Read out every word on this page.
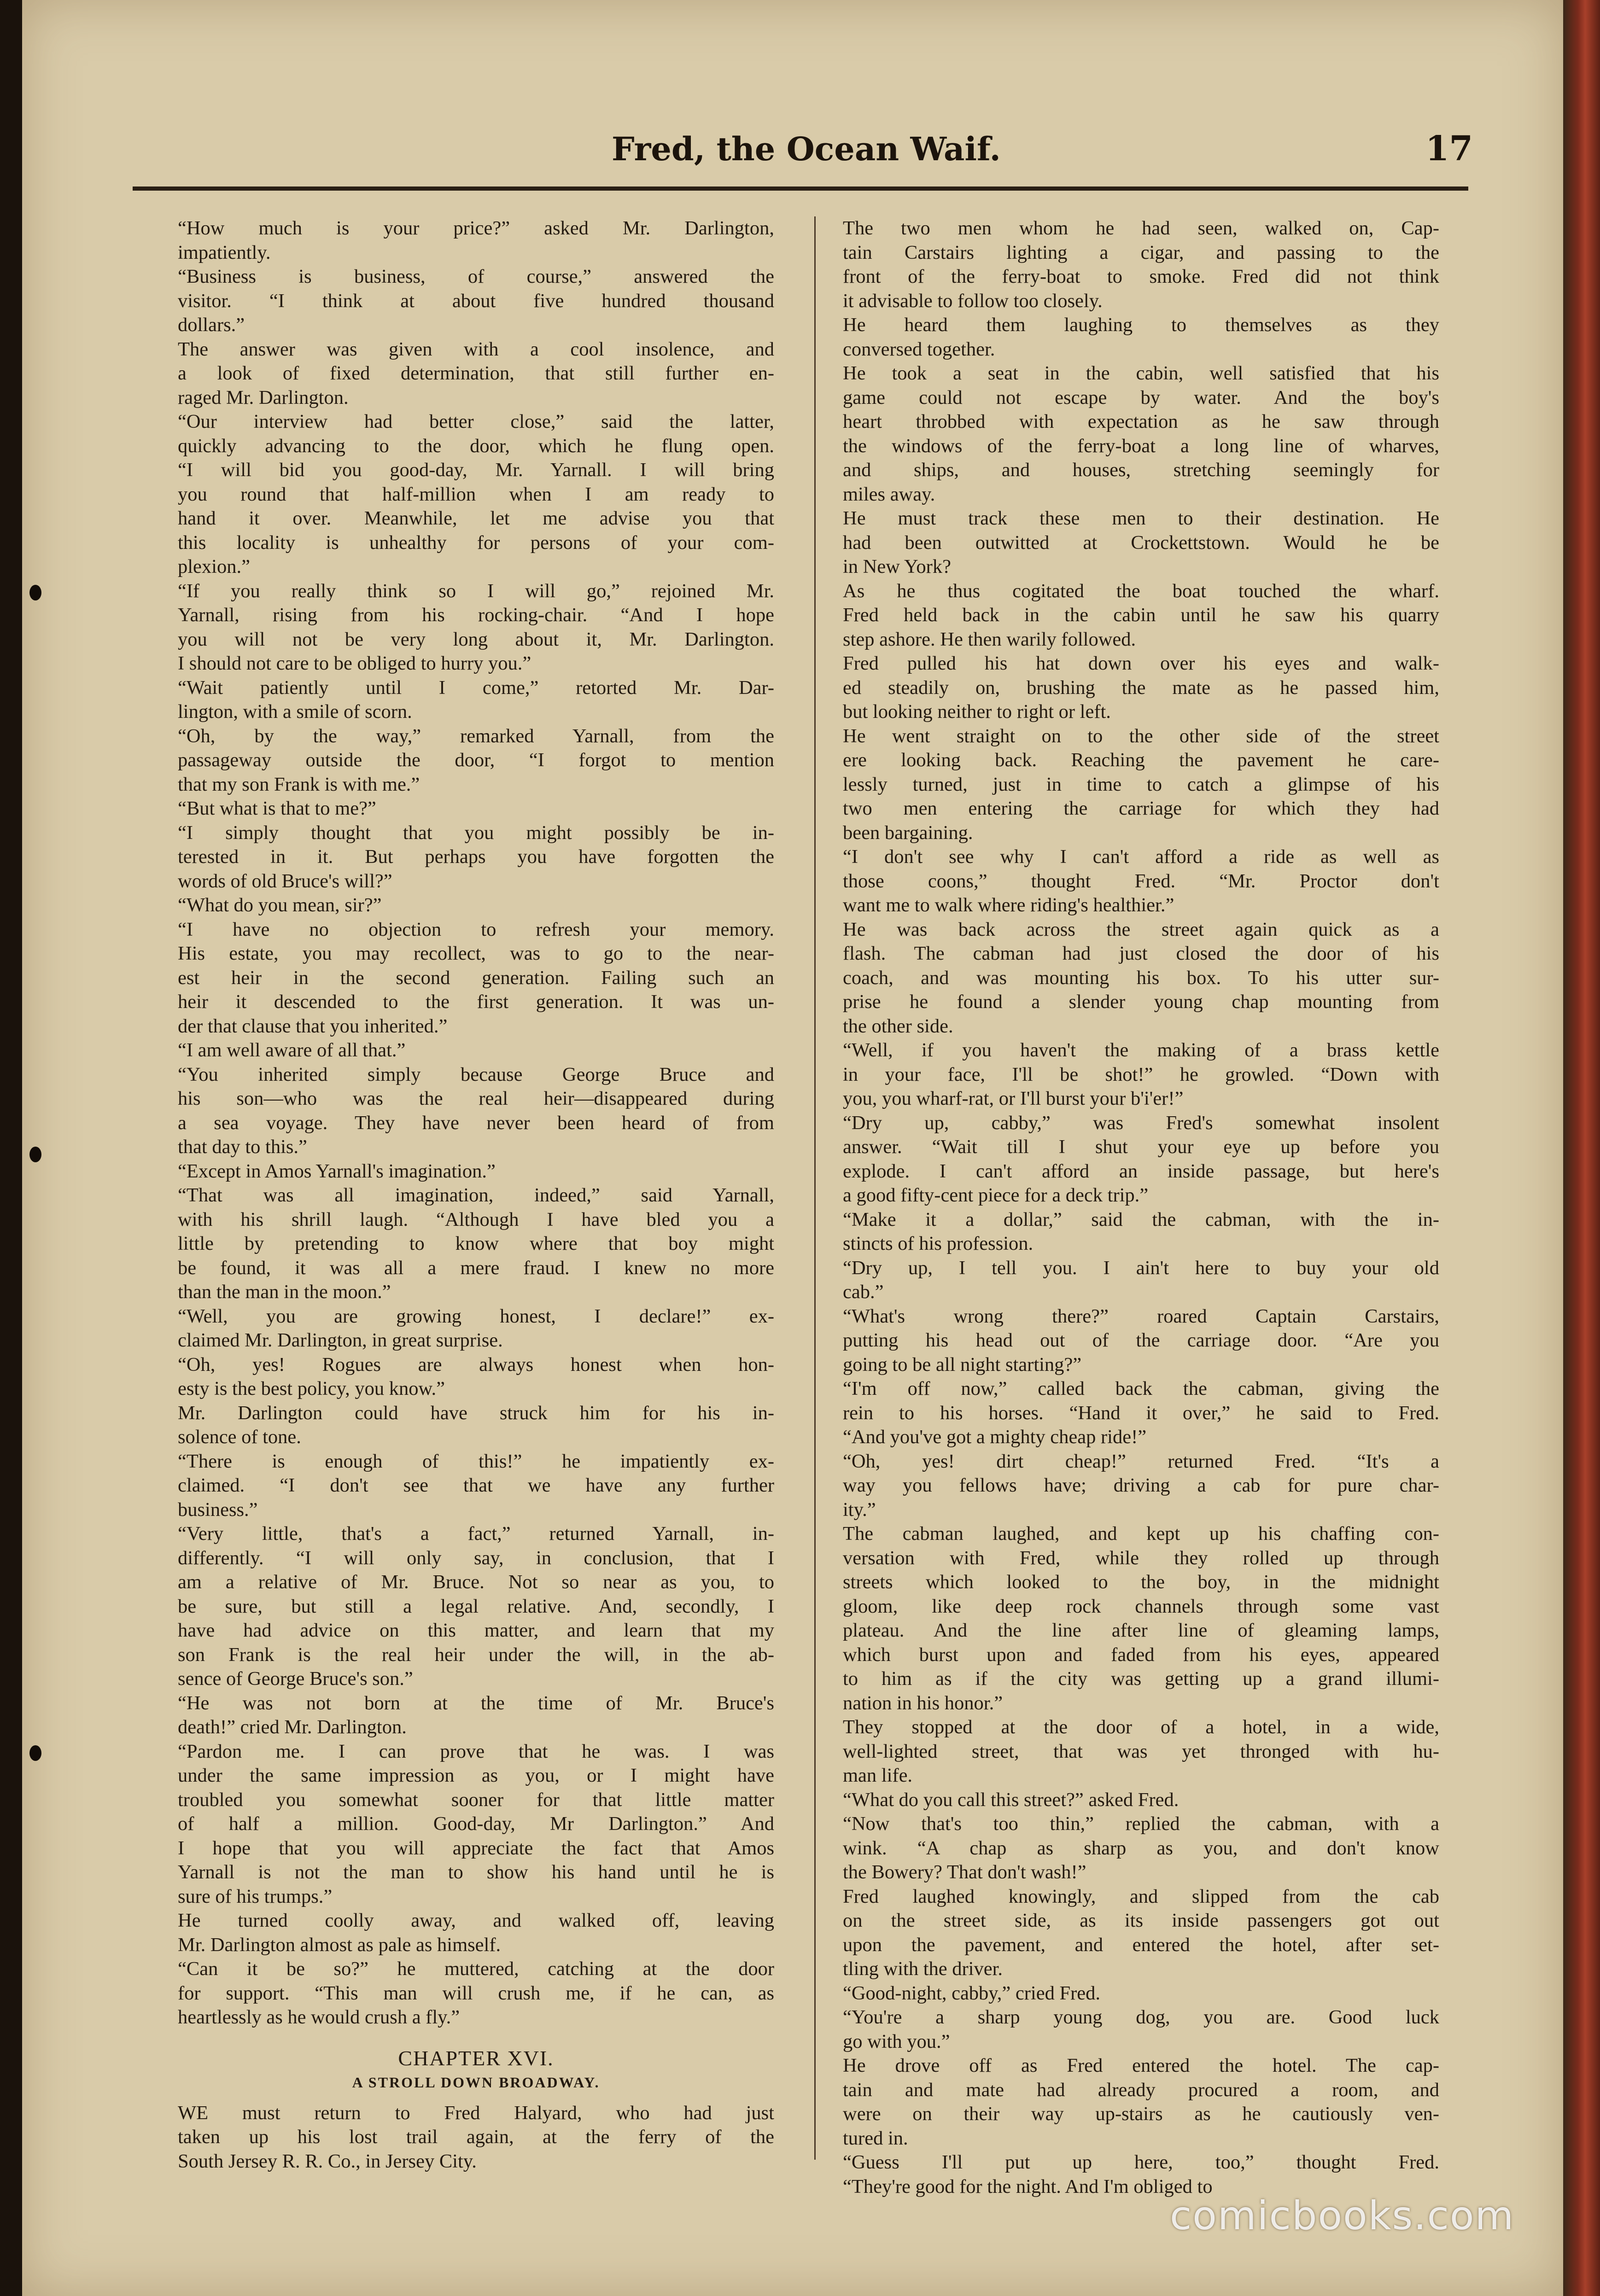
Fred, the Ocean Waif.	17
“How much is your price?” asked Mr. Darlington,
impatiently.
“Business is business, of course,” answered the
visitor. “I think at about five hundred thousand
dollars.”
The answer was given with a cool insolence, and
a look of fixed determination, that still further en-
raged Mr. Darlington.
“Our interview had better close,” said the latter,
quickly advancing to the door, which he flung open.
“I will bid you good-day, Mr. Yarnall. I will bring
you round that half-million when I am ready to
hand it over. Meanwhile, let me advise you that
this locality is unhealthy for persons of your com-
plexion.”
“If you really think so I will go,” rejoined Mr.
Yarnall, rising from his rocking-chair. “And I hope
you will not be very long about it, Mr. Darlington.
I should not care to be obliged to hurry you.”
“Wait patiently until I come,” retorted Mr. Dar-
lington, with a smile of scorn.
“Oh, by the way,” remarked Yarnall, from the
passageway outside the door, “I forgot to mention
that my son Frank is with me.”
“But what is that to me?”
“I simply thought that you might possibly be in-
terested in it. But perhaps you have forgotten the
words of old Bruce's will?”
“What do you mean, sir?”
“I have no objection to refresh your memory.
His estate, you may recollect, was to go to the near-
est heir in the second generation. Failing such an
heir it descended to the first generation. It was un-
der that clause that you inherited.”
“I am well aware of all that.”
“You inherited simply because George Bruce and
his son—who was the real heir—disappeared during
a sea voyage. They have never been heard of from
that day to this.”
“Except in Amos Yarnall's imagination.”
“That was all imagination, indeed,” said Yarnall,
with his shrill laugh. “Although I have bled you a
little by pretending to know where that boy might
be found, it was all a mere fraud. I knew no more
than the man in the moon.”
“Well, you are growing honest, I declare!” ex-
claimed Mr. Darlington, in great surprise.
“Oh, yes! Rogues are always honest when hon-
esty is the best policy, you know.”
Mr. Darlington could have struck him for his in-
solence of tone.
“There is enough of this!” he impatiently ex-
claimed. “I don't see that we have any further
business.”
“Very little, that's a fact,” returned Yarnall, in-
differently. “I will only say, in conclusion, that I
am a relative of Mr. Bruce. Not so near as you, to
be sure, but still a legal relative. And, secondly, I
have had advice on this matter, and learn that my
son Frank is the real heir under the will, in the ab-
sence of George Bruce's son.”
“He was not born at the time of Mr. Bruce's
death!” cried Mr. Darlington.
“Pardon me. I can prove that he was. I was
under the same impression as you, or I might have
troubled you somewhat sooner for that little matter
of half a million. Good-day, Mr Darlington.” And
I hope that you will appreciate the fact that Amos
Yarnall is not the man to show his hand until he is
sure of his trumps.”
He turned coolly away, and walked off, leaving
Mr. Darlington almost as pale as himself.
“Can it be so?” he muttered, catching at the door
for support. “This man will crush me, if he can, as
heartlessly as he would crush a fly.”
CHAPTER XVI.
A STROLL DOWN BROADWAY.
WE must return to Fred Halyard, who had just
taken up his lost trail again, at the ferry of the
South Jersey R. R. Co., in Jersey City.
The two men whom he had seen, walked on, Cap-
tain Carstairs lighting a cigar, and passing to the
front of the ferry-boat to smoke. Fred did not think
it advisable to follow too closely.
He heard them laughing to themselves as they
conversed together.
He took a seat in the cabin, well satisfied that his
game could not escape by water. And the boy's
heart throbbed with expectation as he saw through
the windows of the ferry-boat a long line of wharves,
and ships, and houses, stretching seemingly for
miles away.
He must track these men to their destination. He
had been outwitted at Crockettstown. Would he be
in New York?
As he thus cogitated the boat touched the wharf.
Fred held back in the cabin until he saw his quarry
step ashore. He then warily followed.
Fred pulled his hat down over his eyes and walk-
ed steadily on, brushing the mate as he passed him,
but looking neither to right or left.
He went straight on to the other side of the street
ere looking back. Reaching the pavement he care-
lessly turned, just in time to catch a glimpse of his
two men entering the carriage for which they had
been bargaining.
“I don't see why I can't afford a ride as well as
those coons,” thought Fred. “Mr. Proctor don't
want me to walk where riding's healthier.”
He was back across the street again quick as a
flash. The cabman had just closed the door of his
coach, and was mounting his box. To his utter sur-
prise he found a slender young chap mounting from
the other side.
“Well, if you haven't the making of a brass kettle
in your face, I'll be shot!” he growled. “Down with
you, you wharf-rat, or I'll burst your b'i'er!”
“Dry up, cabby,” was Fred's somewhat insolent
answer. “Wait till I shut your eye up before you
explode. I can't afford an inside passage, but here's
a good fifty-cent piece for a deck trip.”
“Make it a dollar,” said the cabman, with the in-
stincts of his profession.
“Dry up, I tell you. I ain't here to buy your old
cab.”
“What's wrong there?” roared Captain Carstairs,
putting his head out of the carriage door. “Are you
going to be all night starting?”
“I'm off now,” called back the cabman, giving the
rein to his horses. “Hand it over,” he said to Fred.
“And you've got a mighty cheap ride!”
“Oh, yes! dirt cheap!” returned Fred. “It's a
way you fellows have; driving a cab for pure char-
ity.”
The cabman laughed, and kept up his chaffing con-
versation with Fred, while they rolled up through
streets which looked to the boy, in the midnight
gloom, like deep rock channels through some vast
plateau. And the line after line of gleaming lamps,
which burst upon and faded from his eyes, appeared
to him as if the city was getting up a grand illumi-
nation in his honor.”
They stopped at the door of a hotel, in a wide,
well-lighted street, that was yet thronged with hu-
man life.
“What do you call this street?” asked Fred.
“Now that's too thin,” replied the cabman, with a
wink. “A chap as sharp as you, and don't know
the Bowery? That don't wash!”
Fred laughed knowingly, and slipped from the cab
on the street side, as its inside passengers got out
upon the pavement, and entered the hotel, after set-
tling with the driver.
“Good-night, cabby,” cried Fred.
“You're a sharp young dog, you are. Good luck
go with you.”
He drove off as Fred entered the hotel. The cap-
tain and mate had already procured a room, and
were on their way up-stairs as he cautiously ven-
tured in.
“Guess I'll put up here, too,” thought Fred.
“They're good for the night. And I'm obliged to
comicbooks.com
